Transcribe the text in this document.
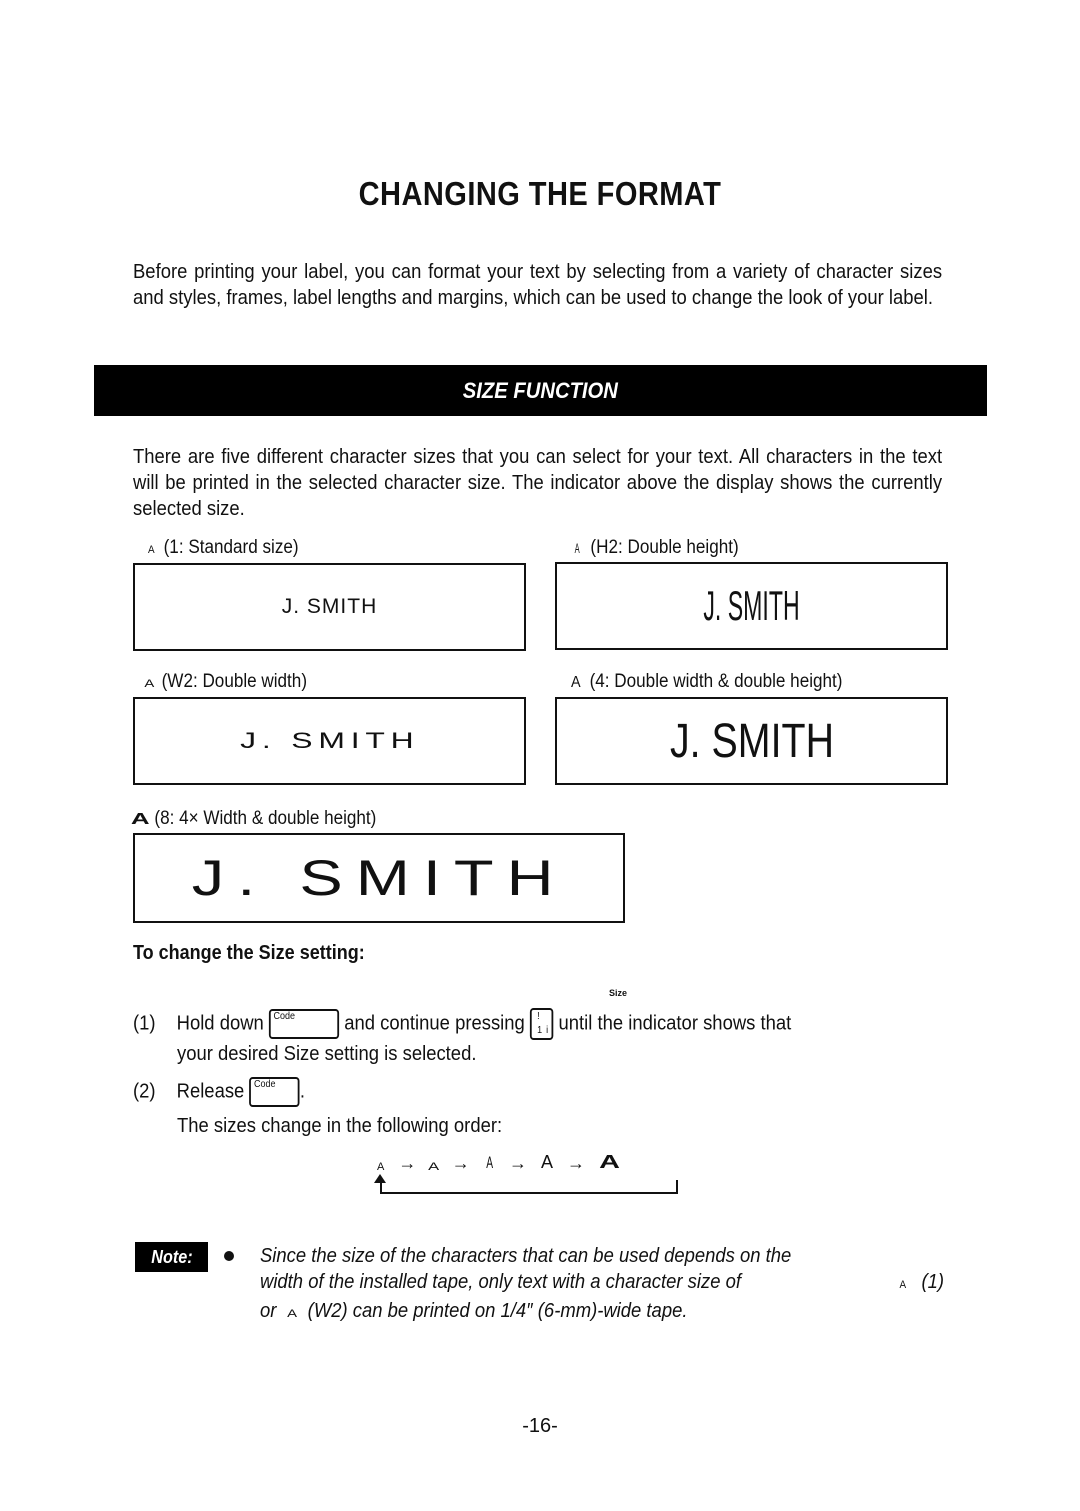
CHANGING THE FORMAT
Before printing your label, you can format your text by selecting from a variety of character sizes and styles, frames, label lengths and margins, which can be used to change the look of your label.
SIZE FUNCTION
There are five different character sizes that you can select for your text. All characters in the text will be printed in the selected character size. The indicator above the display shows the currently selected size.
A (1: Standard size)
J. SMITH
A (H2: Double height)
J. SMITH
A (W2: Double width)
J. SMITH
A (4: Double width & double height)
J. SMITH
A (8: 4× Width & double height)
J. SMITH
To change the Size setting:
Size
(1) Hold down Code and continue pressing !
1 i until the indicator shows that
your desired Size setting is selected.
(2) Release Code .
The sizes change in the following order:
A → A → A → A → A
Note:	Since the size of the characters that can be used depends on the
width of the installed tape, only text with a character size of	A (1)
or A (W2) can be printed on 1/4″ (6-mm)-wide tape.
-16-
